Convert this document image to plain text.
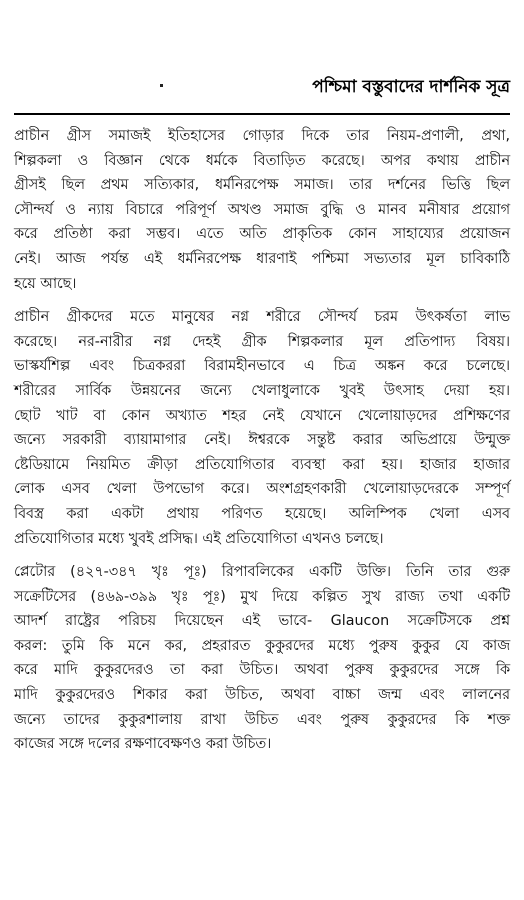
পশ্চিমা বস্তুবাদের দার্শনিক সূত্র

প্রাচীন গ্রীস সমাজই ইতিহাসের গোড়ার দিকে তার নিয়ম-প্রণালী, প্রথা,
শিল্পকলা ও বিজ্ঞান থেকে ধর্মকে বিতাড়িত করেছে। অপর কথায় প্রাচীন
গ্রীসই ছিল প্রথম সত্যিকার, ধর্মনিরপেক্ষ সমাজ। তার দর্শনের ভিত্তি ছিল
সৌন্দর্য ও ন্যায় বিচারে পরিপূর্ণ অখণ্ড সমাজ বুদ্ধি ও মানব মনীষার প্রয়োগ
করে প্রতিষ্ঠা করা সম্ভব। এতে অতি প্রাকৃতিক কোন সাহায্যের প্রয়োজন
নেই। আজ পর্যন্ত এই ধর্মনিরপেক্ষ ধারণাই পশ্চিমা সভ্যতার মূল চাবিকাঠি
হয়ে আছে।

প্রাচীন গ্রীকদের মতে মানুষের নগ্ন শরীরে সৌন্দর্য চরম উৎকর্ষতা লাভ
করেছে। নর-নারীর নগ্ন দেহই গ্রীক শিল্পকলার মূল প্রতিপাদ্য বিষয়।
ভাস্কর্যশিল্প এবং চিত্রকররা বিরামহীনভাবে এ চিত্র অঙ্কন করে চলেছে।
শরীরের সার্বিক উন্নয়নের জন্যে খেলাধুলাকে খুবই উৎসাহ দেয়া হয়।
ছোট খাট বা কোন অখ্যাত শহর নেই যেখানে খেলোয়াড়দের প্রশিক্ষণের
জন্যে সরকারী ব্যায়ামাগার নেই। ঈশ্বরকে সন্তুষ্ট করার অভিপ্রায়ে উন্মুক্ত
ষ্টেডিয়ামে নিয়মিত ক্রীড়া প্রতিযোগিতার ব্যবস্থা করা হয়। হাজার হাজার
লোক এসব খেলা উপভোগ করে। অংশগ্রহণকারী খেলোয়াড়দেরকে সম্পূর্ণ
বিবস্ত্র করা একটা প্রথায় পরিণত হয়েছে। অলিম্পিক খেলা এসব
প্রতিযোগিতার মধ্যে খুবই প্রসিদ্ধ। এই প্রতিযোগিতা এখনও চলছে।

প্লেটোর (৪২৭-৩৪৭ খৃঃ পূঃ) রিপাবলিকের একটি উক্তি। তিনি তার গুরু
সক্রেটিসের (৪৬৯-৩৯৯ খৃঃ পূঃ) মুখ দিয়ে কল্পিত সুখ রাজ্য তথা একটি
আদর্শ রাষ্ট্রের পরিচয় দিয়েছেন এই ভাবে- Glaucon সক্রেটিসকে প্রশ্ন
করল: তুমি কি মনে কর, প্রহরারত কুকুরদের মধ্যে পুরুষ কুকুর যে কাজ
করে মাদি কুকুরদেরও তা করা উচিত। অথবা পুরুষ কুকুরদের সঙ্গে কি
মাদি কুকুরদেরও শিকার করা উচিত, অথবা বাচ্চা জন্ম এবং লালনের
জন্যে তাদের কুকুরশালায় রাখা উচিত এবং পুরুষ কুকুরদের কি শক্ত
কাজের সঙ্গে দলের রক্ষণাবেক্ষণও করা উচিত।
